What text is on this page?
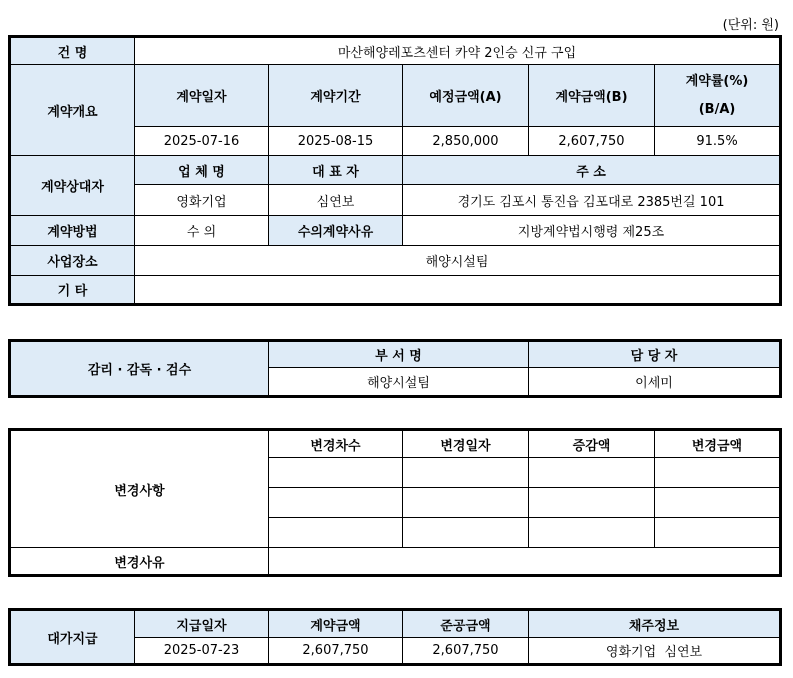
(단위: 원)
건 명	마산해양레포츠센터 카약 2인승 신규 구입				
계약개요	계약일자	계약기간	예정금액(A)	계약금액(B)	계약률(%)
(B/A)

	2025-07-16	2025-08-15	2,850,000	2,607,750	91.5%
계약상대자	업 체 명	대 표 자	주 소		
	영화기업	심연보	경기도 김포시 통진읍 김포대로 2385번길 101		
계약방법	수 의	수의계약사유	지방계약법시행령 제25조		
사업장소	해양시설팀				
기 타					
감리 · 감독 · 검수	부 서 명	담 당 자
	해양시설팀	이세미
변경사항	변경차수	변경일자	증감액	변경금액

변경사유				
대가지급	지급일자	계약금액	준공금액	채주정보
	2025-07-23	2,607,750	2,607,750	영화기업  심연보
